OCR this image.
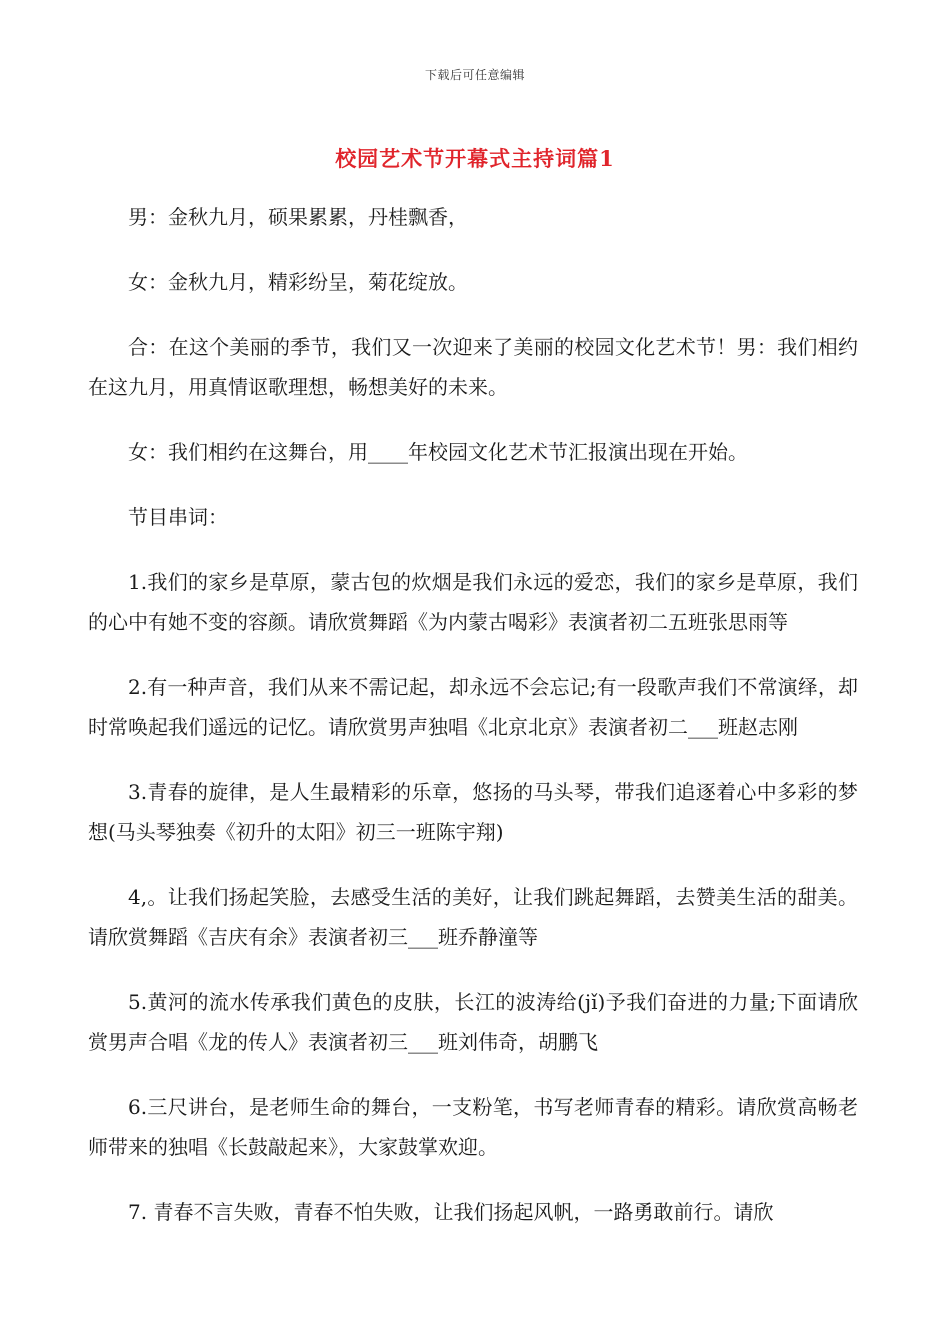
下载后可任意编辑
校园艺术节开幕式主持词篇1

男：金秋九月，硕果累累，丹桂飘香，

女：金秋九月，精彩纷呈，菊花绽放。

合：在这个美丽的季节，我们又一次迎来了美丽的校园文化艺术节！男：我们相约在这九月，用真情讴歌理想，畅想美好的未来。

女：我们相约在这舞台，用____年校园文化艺术节汇报演出现在开始。

节目串词：

1.我们的家乡是草原，蒙古包的炊烟是我们永远的爱恋，我们的家乡是草原，我们的心中有她不变的容颜。请欣赏舞蹈《为内蒙古喝彩》表演者初二五班张思雨等

2.有一种声音，我们从来不需记起，却永远不会忘记;有一段歌声我们不常演绎，却时常唤起我们遥远的记忆。请欣赏男声独唱《北京北京》表演者初二___班赵志刚

3.青春的旋律，是人生最精彩的乐章，悠扬的马头琴，带我们追逐着心中多彩的梦想(马头琴独奏《初升的太阳》初三一班陈宇翔)

4,。让我们扬起笑脸，去感受生活的美好，让我们跳起舞蹈，去赞美生活的甜美。请欣赏舞蹈《吉庆有余》表演者初三___班乔静潼等

5.黄河的流水传承我们黄色的皮肤，长江的波涛给(jǐ)予我们奋进的力量;下面请欣赏男声合唱《龙的传人》表演者初三___班刘伟奇，胡鹏飞

6.三尺讲台，是老师生命的舞台，一支粉笔，书写老师青春的精彩。请欣赏高畅老师带来的独唱《长鼓敲起来》，大家鼓掌欢迎。

7. 青春不言失败，青春不怕失败，让我们扬起风帆，一路勇敢前行。请欣
